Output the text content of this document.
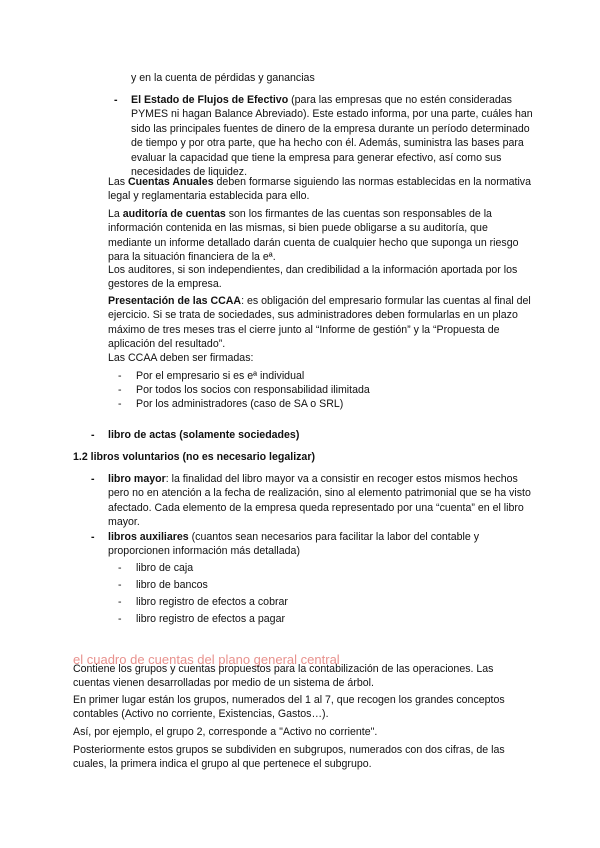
y en la cuenta de pérdidas y ganancias

- El Estado de Flujos de Efectivo (para las empresas que no estén consideradas PYMES ni hagan Balance Abreviado). Este estado informa, por una parte, cuáles han sido las principales fuentes de dinero de la empresa durante un período determinado de tiempo y por otra parte, que ha hecho con él. Además, suministra las bases para evaluar la capacidad que tiene la empresa para generar efectivo, así como sus necesidades de liquidez.

Las Cuentas Anuales deben formarse siguiendo las normas establecidas en la normativa legal y reglamentaria establecida para ello.

La auditoría de cuentas son los firmantes de las cuentas son responsables de la información contenida en las mismas, si bien puede obligarse a su auditoría, que mediante un informe detallado darán cuenta de cualquier hecho que suponga un riesgo para la situación financiera de la eª.

Los auditores, si son independientes, dan credibilidad a la información aportada por los gestores de la empresa.

Presentación de las CCAA: es obligación del empresario formular las cuentas al final del ejercicio. Si se trata de sociedades, sus administradores deben formularlas en un plazo máximo de tres meses tras el cierre junto al “Informe de gestión” y la “Propuesta de aplicación del resultado”.

Las CCAA deben ser firmadas:

- Por el empresario si es eª individual

- Por todos los socios con responsabilidad ilimitada

- Por los administradores (caso de SA o SRL)

- libro de actas (solamente sociedades)

1.2 libros voluntarios (no es necesario legalizar)

- libro mayor: la finalidad del libro mayor va a consistir en recoger estos mismos hechos pero no en atención a la fecha de realización, sino al elemento patrimonial que se ha visto afectado. Cada elemento de la empresa queda representado por una “cuenta” en el libro mayor.

- libros auxiliares (cuantos sean necesarios para facilitar la labor del contable y proporcionen información más detallada)

- libro de caja

- libro de bancos

- libro registro de efectos a cobrar

- libro registro de efectos a pagar

el cuadro de cuentas del plano general central

Contiene los grupos y cuentas propuestos para la contabilización de las operaciones. Las cuentas vienen desarrolladas por medio de un sistema de árbol.

En primer lugar están los grupos, numerados del 1 al 7, que recogen los grandes conceptos contables (Activo no corriente, Existencias, Gastos…).

Así, por ejemplo, el grupo 2, corresponde a "Activo no corriente".

Posteriormente estos grupos se subdividen en subgrupos, numerados con dos cifras, de las cuales, la primera indica el grupo al que pertenece el subgrupo.
